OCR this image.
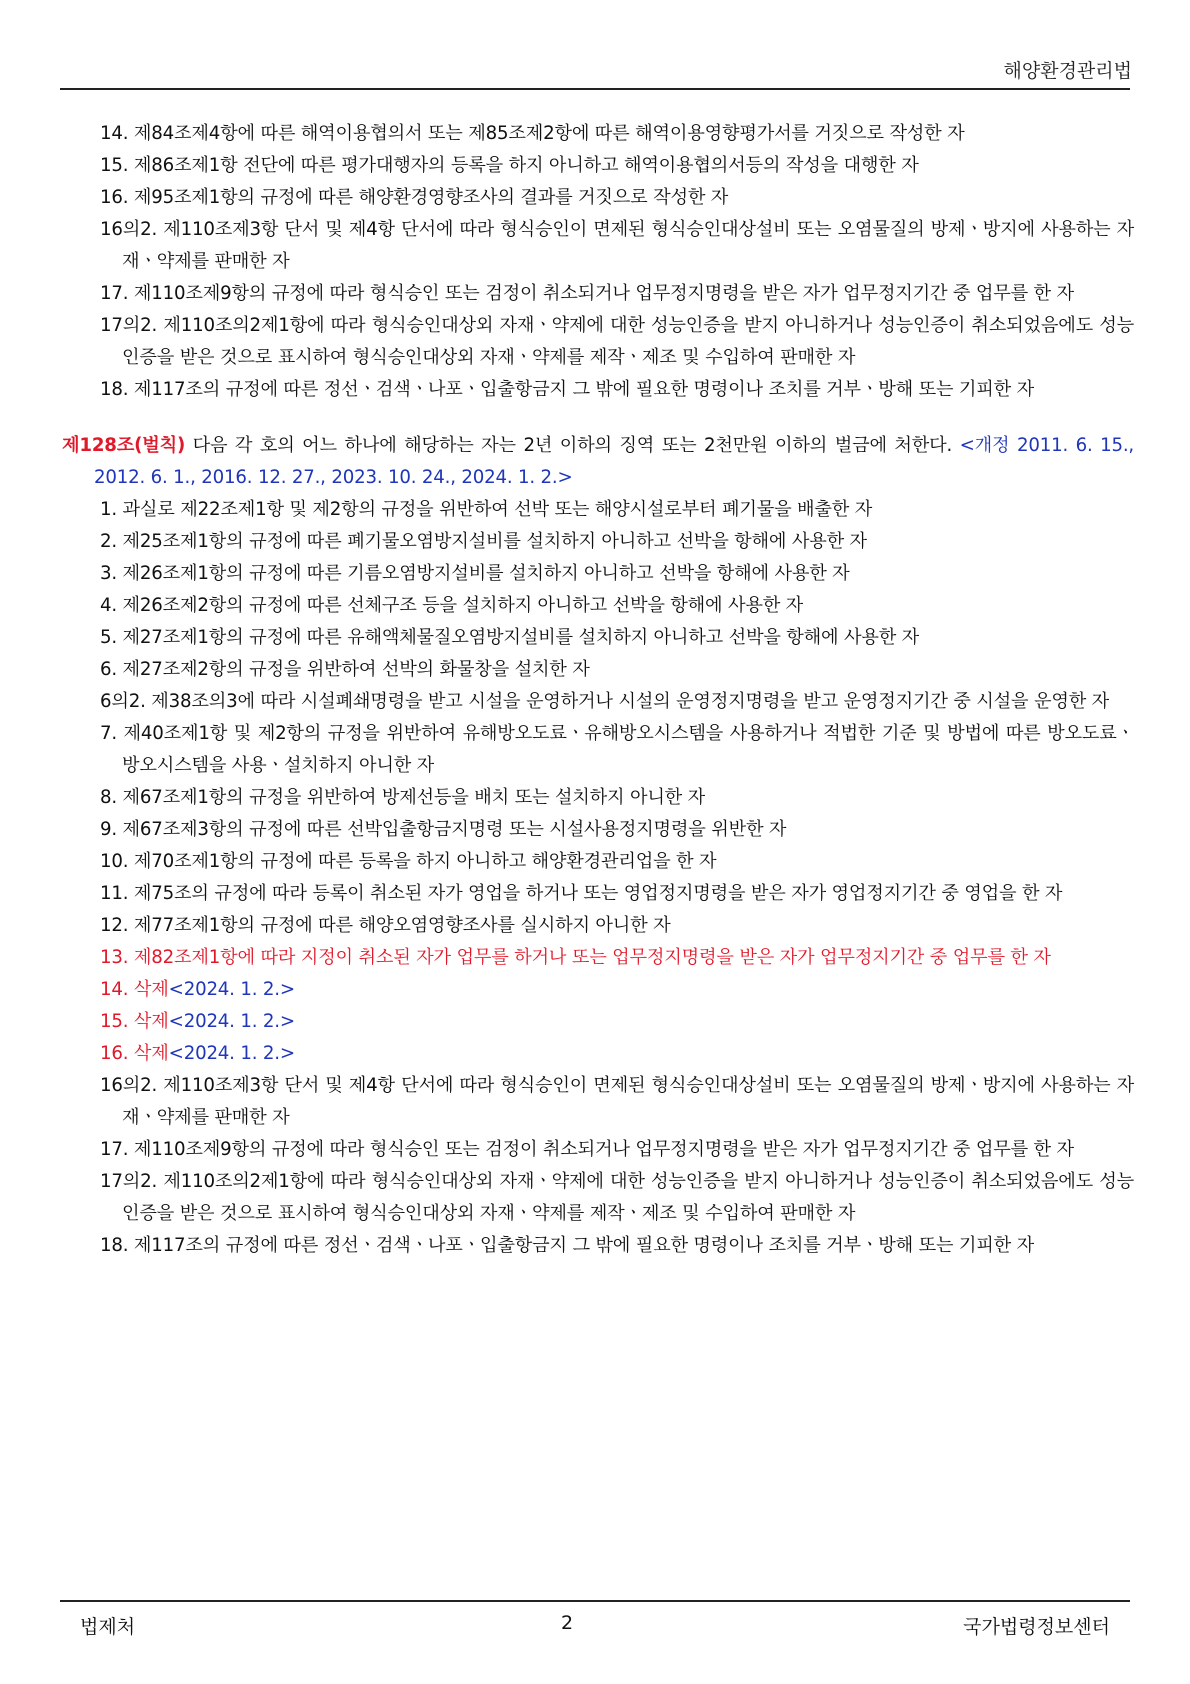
해양환경관리법
14. 제84조제4항에 따른 해역이용협의서 또는 제85조제2항에 따른 해역이용영향평가서를 거짓으로 작성한 자
15. 제86조제1항 전단에 따른 평가대행자의 등록을 하지 아니하고 해역이용협의서등의 작성을 대행한 자
16. 제95조제1항의 규정에 따른 해양환경영향조사의 결과를 거짓으로 작성한 자
16의2. 제110조제3항 단서 및 제4항 단서에 따라 형식승인이 면제된 형식승인대상설비 또는 오염물질의 방제ㆍ방지에 사용하는 자재ㆍ약제를 판매한 자
17. 제110조제9항의 규정에 따라 형식승인 또는 검정이 취소되거나 업무정지명령을 받은 자가 업무정지기간 중 업무를 한 자
17의2. 제110조의2제1항에 따라 형식승인대상외 자재ㆍ약제에 대한 성능인증을 받지 아니하거나 성능인증이 취소되었음에도 성능인증을 받은 것으로 표시하여 형식승인대상외 자재ㆍ약제를 제작ㆍ제조 및 수입하여 판매한 자
18. 제117조의 규정에 따른 정선ㆍ검색ㆍ나포ㆍ입출항금지 그 밖에 필요한 명령이나 조치를 거부ㆍ방해 또는 기피한 자
제128조(벌칙) 다음 각 호의 어느 하나에 해당하는 자는 2년 이하의 징역 또는 2천만원 이하의 벌금에 처한다. <개정 2011. 6. 15., 2012. 6. 1., 2016. 12. 27., 2023. 10. 24., 2024. 1. 2.>
1. 과실로 제22조제1항 및 제2항의 규정을 위반하여 선박 또는 해양시설로부터 폐기물을 배출한 자
2. 제25조제1항의 규정에 따른 폐기물오염방지설비를 설치하지 아니하고 선박을 항해에 사용한 자
3. 제26조제1항의 규정에 따른 기름오염방지설비를 설치하지 아니하고 선박을 항해에 사용한 자
4. 제26조제2항의 규정에 따른 선체구조 등을 설치하지 아니하고 선박을 항해에 사용한 자
5. 제27조제1항의 규정에 따른 유해액체물질오염방지설비를 설치하지 아니하고 선박을 항해에 사용한 자
6. 제27조제2항의 규정을 위반하여 선박의 화물창을 설치한 자
6의2. 제38조의3에 따라 시설폐쇄명령을 받고 시설을 운영하거나 시설의 운영정지명령을 받고 운영정지기간 중 시설을 운영한 자
7. 제40조제1항 및 제2항의 규정을 위반하여 유해방오도료ㆍ유해방오시스템을 사용하거나 적법한 기준 및 방법에 따른 방오도료ㆍ방오시스템을 사용ㆍ설치하지 아니한 자
8. 제67조제1항의 규정을 위반하여 방제선등을 배치 또는 설치하지 아니한 자
9. 제67조제3항의 규정에 따른 선박입출항금지명령 또는 시설사용정지명령을 위반한 자
10. 제70조제1항의 규정에 따른 등록을 하지 아니하고 해양환경관리업을 한 자
11. 제75조의 규정에 따라 등록이 취소된 자가 영업을 하거나 또는 영업정지명령을 받은 자가 영업정지기간 중 영업을 한 자
12. 제77조제1항의 규정에 따른 해양오염영향조사를 실시하지 아니한 자
13. 제82조제1항에 따라 지정이 취소된 자가 업무를 하거나 또는 업무정지명령을 받은 자가 업무정지기간 중 업무를 한 자
14. 삭제<2024. 1. 2.>
15. 삭제<2024. 1. 2.>
16. 삭제<2024. 1. 2.>
16의2. 제110조제3항 단서 및 제4항 단서에 따라 형식승인이 면제된 형식승인대상설비 또는 오염물질의 방제ㆍ방지에 사용하는 자재ㆍ약제를 판매한 자
17. 제110조제9항의 규정에 따라 형식승인 또는 검정이 취소되거나 업무정지명령을 받은 자가 업무정지기간 중 업무를 한 자
17의2. 제110조의2제1항에 따라 형식승인대상외 자재ㆍ약제에 대한 성능인증을 받지 아니하거나 성능인증이 취소되었음에도 성능인증을 받은 것으로 표시하여 형식승인대상외 자재ㆍ약제를 제작ㆍ제조 및 수입하여 판매한 자
18. 제117조의 규정에 따른 정선ㆍ검색ㆍ나포ㆍ입출항금지 그 밖에 필요한 명령이나 조치를 거부ㆍ방해 또는 기피한 자
법제처	2	국가법령정보센터
